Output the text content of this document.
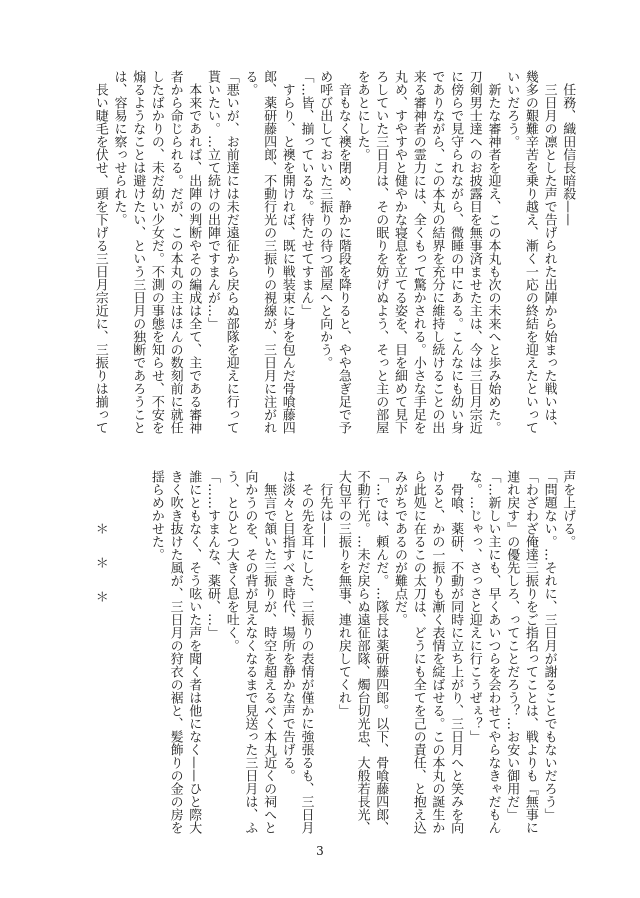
　任務、織田信長暗殺——
　三日月の凛とした声で告げられた出陣から始まった戦いは、
幾多の艱難辛苦を乗り越え、漸く一応の終結を迎えたといって
いいだろう。
　新たな審神者を迎え、この本丸も次の未来へと歩み始めた。
刀剣男士達へのお披露目を無事済ませた主は、今は三日月宗近
に傍らで見守られながら、微睡の中にある。こんなにも幼い身
でありながら、この本丸の結界を充分に維持し続けることの出
来る審神者の霊力には、全くもって驚かされる。小さな手足を
丸め、すやすやと健やかな寝息を立てる姿を、目を細めて見下
ろしていた三日月は、その眠りを妨げぬよう、そっと主の部屋
をあとにした。
　音もなく襖を閉め、静かに階段を降りると、やや急ぎ足で予
め呼び出しておいた三振りの待つ部屋へと向かう。
「…皆、揃っているな。待たせてすまん」
　すらり、と襖を開ければ、既に戦装束に身を包んだ骨喰藤四
郎、薬研藤四郎、不動行光の三振りの視線が、三日月に注がれ
る。
「悪いが、お前達には未だ遠征から戻らぬ部隊を迎えに行って
貰いたい。…立て続けの出陣ですまんが…」
　本来であれば、出陣の判断やその編成は全て、主である審神
者から命じられる。だが、この本丸の主はほんの数刻前に就任
したばかりの、未だ幼い少女だ。不測の事態を知らせ、不安を
煽るようなことは避けたい、という三日月の独断であろうこと
は、容易に察っせられた。
　長い睫毛を伏せ、頭を下げる三日月宗近に、三振りは揃って
＊　＊　＊
声を上げる。
「問題ない。…それに、三日月が謝ることでもないだろう」
「わざわざ俺達三振りをご指名ってことは、戦よりも『無事に
連れ戻す』の優先しろ、ってことだろう？…お安い御用だ」
「…新しい主にも、早くあいつらを会わせてやらなきゃだもん
な。…じゃっ、さっさと迎えに行こうぜぇ？」
　骨喰、薬研、不動が同時に立ち上がり、三日月へと笑みを向
けると、かの一振りも漸く表情を綻ばせる。この本丸の誕生か
ら此処に在るこの太刀は、どうにも全てを己の責任、と抱え込
みがちであるのが難点だ。
「…では、頼んだ。…隊長は薬研藤四郎。以下、骨喰藤四郎、
不動行光。…未だ戻らぬ遠征部隊、燭台切光忠、大般若長光、
大包平の三振りを無事、連れ戻してくれ」
　行先は——
　その先を耳にした、三振りの表情が僅かに強張るも、三日月
は淡々と目指すべき時代、場所を静かな声で告げる。
　無言で頷いた三振りが、時空を超えるべく本丸近くの祠へと
向かうのを、その背が見えなくなるまで見送った三日月は、ふ
う、とひとつ大きく息を吐く。
「……すまんな、薬研、…」
誰にともなく、そう呟いた声を聞く者は他になく——ひと際大
きく吹き抜けた風が、三日月の狩衣の裾と、髪飾りの金の房を
揺らめかせた。
3
